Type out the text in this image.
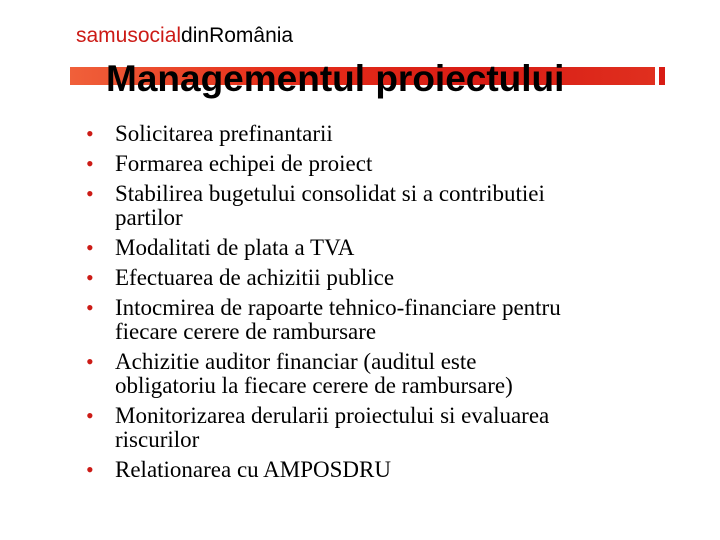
samusocialdinRomânia
Managementul proiectului
• Solicitarea prefinantarii
• Formarea echipei de proiect
• Stabilirea bugetului consolidat si a contributiei
partilor
• Modalitati de plata a TVA
• Efectuarea de achizitii publice
• Intocmirea de rapoarte tehnico-financiare pentru
fiecare cerere de rambursare
• Achizitie auditor financiar (auditul este
obligatoriu la fiecare cerere de rambursare)
• Monitorizarea derularii proiectului si evaluarea
riscurilor
• Relationarea cu AMPOSDRU
